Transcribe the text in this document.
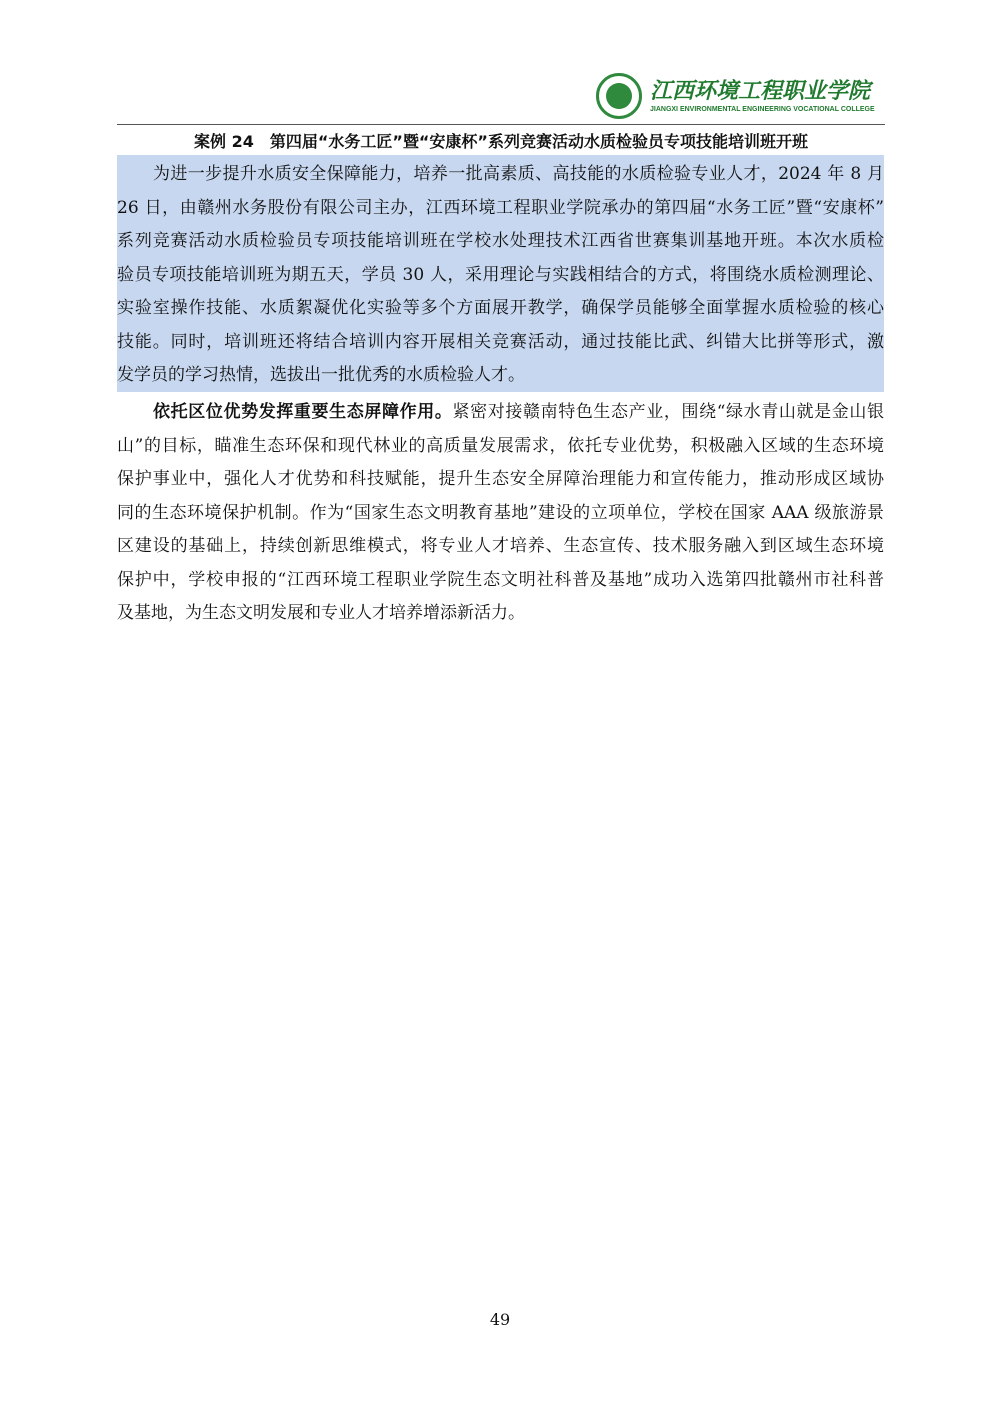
江西环境工程职业学院
JIANGXI ENVIRONMENTAL ENGINEERING VOCATIONAL COLLEGE
案例 24　第四届“水务工匠”暨“安康杯”系列竞赛活动水质检验员专项技能培训班开班
为进一步提升水质安全保障能力，培养一批高素质、高技能的水质检验专业人才，2024 年 8 月
26 日，由赣州水务股份有限公司主办，江西环境工程职业学院承办的第四届“水务工匠”暨“安康杯”
系列竞赛活动水质检验员专项技能培训班在学校水处理技术江西省世赛集训基地开班。本次水质检
验员专项技能培训班为期五天，学员 30 人，采用理论与实践相结合的方式，将围绕水质检测理论、
实验室操作技能、水质絮凝优化实验等多个方面展开教学，确保学员能够全面掌握水质检验的核心
技能。同时，培训班还将结合培训内容开展相关竞赛活动，通过技能比武、纠错大比拼等形式，激
发学员的学习热情，选拔出一批优秀的水质检验人才。
依托区位优势发挥重要生态屏障作用。紧密对接赣南特色生态产业，围绕“绿水青山就是金山银
山”的目标，瞄准生态环保和现代林业的高质量发展需求，依托专业优势，积极融入区域的生态环境
保护事业中，强化人才优势和科技赋能，提升生态安全屏障治理能力和宣传能力，推动形成区域协
同的生态环境保护机制。作为“国家生态文明教育基地”建设的立项单位，学校在国家 AAA 级旅游景
区建设的基础上，持续创新思维模式，将专业人才培养、生态宣传、技术服务融入到区域生态环境
保护中，学校申报的“江西环境工程职业学院生态文明社科普及基地”成功入选第四批赣州市社科普
及基地，为生态文明发展和专业人才培养增添新活力。
49
